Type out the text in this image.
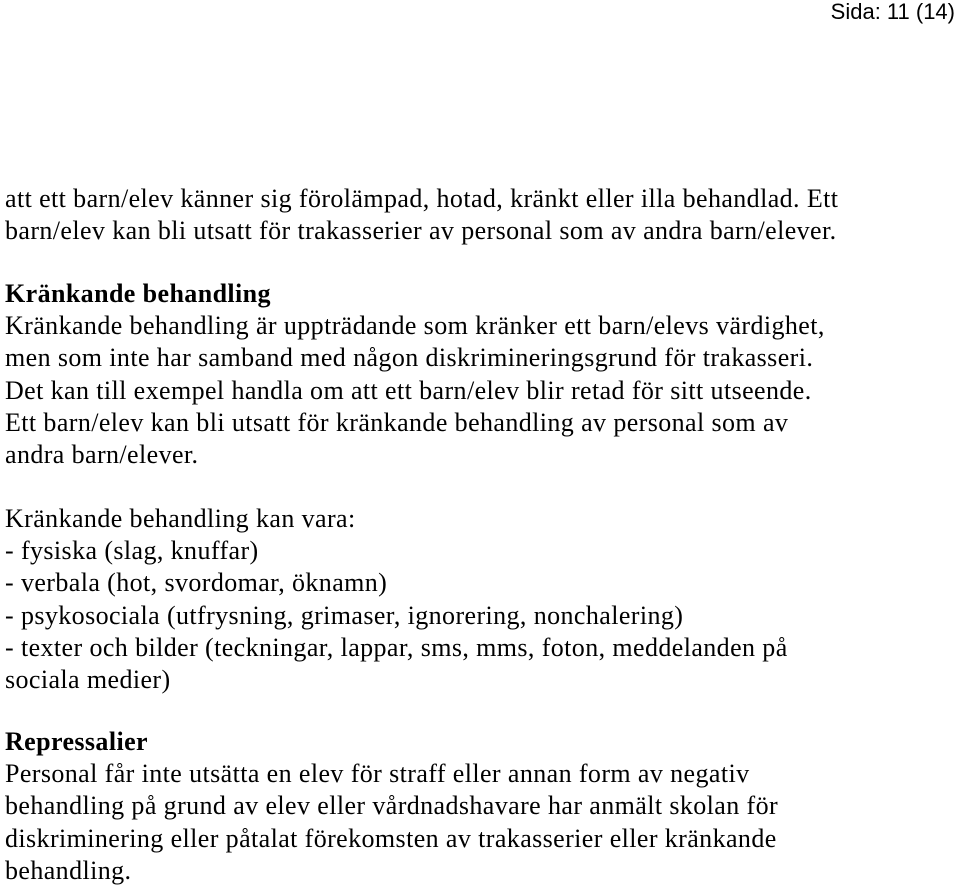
Sida: 11 (14)
att ett barn/elev känner sig förolämpad, hotad, kränkt eller illa behandlad. Ett
barn/elev kan bli utsatt för trakasserier av personal som av andra barn/elever.
Kränkande behandling
Kränkande behandling är uppträdande som kränker ett barn/elevs värdighet,
men som inte har samband med någon diskrimineringsgrund för trakasseri.
Det kan till exempel handla om att ett barn/elev blir retad för sitt utseende.
Ett barn/elev kan bli utsatt för kränkande behandling av personal som av
andra barn/elever.
Kränkande behandling kan vara:
- fysiska (slag, knuffar)
- verbala (hot, svordomar, öknamn)
- psykosociala (utfrysning, grimaser, ignorering, nonchalering)
- texter och bilder (teckningar, lappar, sms, mms, foton, meddelanden på
sociala medier)
Repressalier
Personal får inte utsätta en elev för straff eller annan form av negativ
behandling på grund av elev eller vårdnadshavare har anmält skolan för
diskriminering eller påtalat förekomsten av trakasserier eller kränkande
behandling.
